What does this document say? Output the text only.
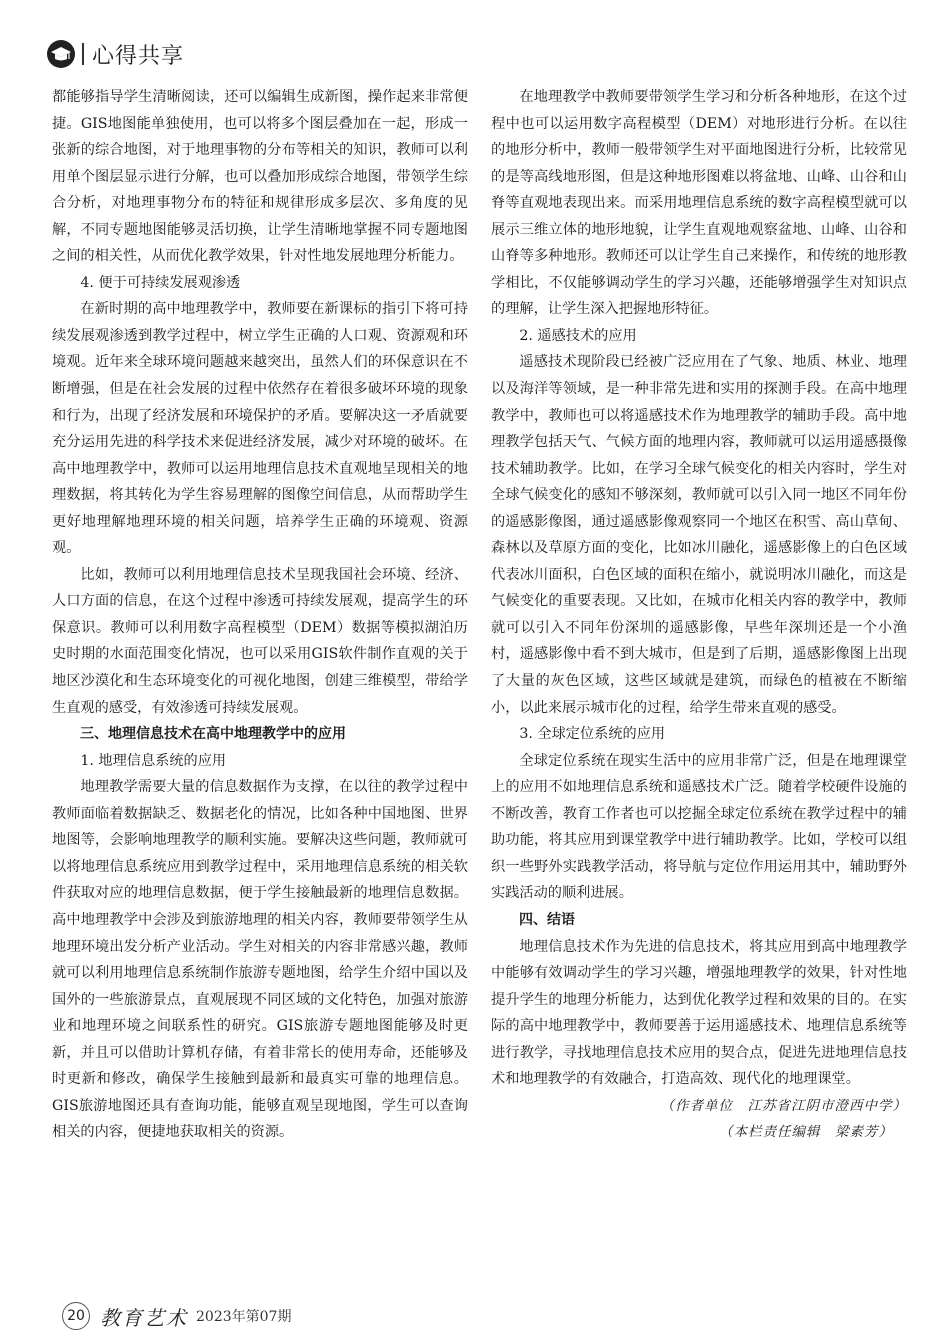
心得共享

都能够指导学生清晰阅读，还可以编辑生成新图，操作起来非常便捷。GIS地图能单独使用，也可以将多个图层叠加在一起，形成一张新的综合地图，对于地理事物的分布等相关的知识，教师可以利用单个图层显示进行分解，也可以叠加形成综合地图，带领学生综合分析，对地理事物分布的特征和规律形成多层次、多角度的见解，不同专题地图能够灵活切换，让学生清晰地掌握不同专题地图之间的相关性，从而优化教学效果，针对性地发展地理分析能力。

4. 便于可持续发展观渗透

在新时期的高中地理教学中，教师要在新课标的指引下将可持续发展观渗透到教学过程中，树立学生正确的人口观、资源观和环境观。近年来全球环境问题越来越突出，虽然人们的环保意识在不断增强，但是在社会发展的过程中依然存在着很多破坏环境的现象和行为，出现了经济发展和环境保护的矛盾。要解决这一矛盾就要充分运用先进的科学技术来促进经济发展，减少对环境的破坏。在高中地理教学中，教师可以运用地理信息技术直观地呈现相关的地理数据，将其转化为学生容易理解的图像空间信息，从而帮助学生更好地理解地理环境的相关问题，培养学生正确的环境观、资源观。

比如，教师可以利用地理信息技术呈现我国社会环境、经济、人口方面的信息，在这个过程中渗透可持续发展观，提高学生的环保意识。教师可以利用数字高程模型（DEM）数据等模拟湖泊历史时期的水面范围变化情况，也可以采用GIS软件制作直观的关于地区沙漠化和生态环境变化的可视化地图，创建三维模型，带给学生直观的感受，有效渗透可持续发展观。

三、地理信息技术在高中地理教学中的应用

1. 地理信息系统的应用

地理教学需要大量的信息数据作为支撑，在以往的教学过程中教师面临着数据缺乏、数据老化的情况，比如各种中国地图、世界地图等，会影响地理教学的顺利实施。要解决这些问题，教师就可以将地理信息系统应用到教学过程中，采用地理信息系统的相关软件获取对应的地理信息数据，便于学生接触最新的地理信息数据。高中地理教学中会涉及到旅游地理的相关内容，教师要带领学生从地理环境出发分析产业活动。学生对相关的内容非常感兴趣，教师就可以利用地理信息系统制作旅游专题地图，给学生介绍中国以及国外的一些旅游景点，直观展现不同区域的文化特色，加强对旅游业和地理环境之间联系性的研究。GIS旅游专题地图能够及时更新，并且可以借助计算机存储，有着非常长的使用寿命，还能够及时更新和修改，确保学生接触到最新和最真实可靠的地理信息。GIS旅游地图还具有查询功能，能够直观呈现地图，学生可以查询相关的内容，便捷地获取相关的资源。

在地理教学中教师要带领学生学习和分析各种地形，在这个过程中也可以运用数字高程模型（DEM）对地形进行分析。在以往的地形分析中，教师一般带领学生对平面地图进行分析，比较常见的是等高线地形图，但是这种地形图难以将盆地、山峰、山谷和山脊等直观地表现出来。而采用地理信息系统的数字高程模型就可以展示三维立体的地形地貌，让学生直观地观察盆地、山峰、山谷和山脊等多种地形。教师还可以让学生自己来操作，和传统的地形教学相比，不仅能够调动学生的学习兴趣，还能够增强学生对知识点的理解，让学生深入把握地形特征。

2. 遥感技术的应用

遥感技术现阶段已经被广泛应用在了气象、地质、林业、地理以及海洋等领域，是一种非常先进和实用的探测手段。在高中地理教学中，教师也可以将遥感技术作为地理教学的辅助手段。高中地理教学包括天气、气候方面的地理内容，教师就可以运用遥感摄像技术辅助教学。比如，在学习全球气候变化的相关内容时，学生对全球气候变化的感知不够深刻，教师就可以引入同一地区不同年份的遥感影像图，通过遥感影像观察同一个地区在积雪、高山草甸、森林以及草原方面的变化，比如冰川融化，遥感影像上的白色区域代表冰川面积，白色区域的面积在缩小，就说明冰川融化，而这是气候变化的重要表现。又比如，在城市化相关内容的教学中，教师就可以引入不同年份深圳的遥感影像，早些年深圳还是一个小渔村，遥感影像中看不到大城市，但是到了后期，遥感影像图上出现了大量的灰色区域，这些区域就是建筑，而绿色的植被在不断缩小，以此来展示城市化的过程，给学生带来直观的感受。

3. 全球定位系统的应用

全球定位系统在现实生活中的应用非常广泛，但是在地理课堂上的应用不如地理信息系统和遥感技术广泛。随着学校硬件设施的不断改善，教育工作者也可以挖掘全球定位系统在教学过程中的辅助功能，将其应用到课堂教学中进行辅助教学。比如，学校可以组织一些野外实践教学活动，将导航与定位作用运用其中，辅助野外实践活动的顺利进展。

四、结语

地理信息技术作为先进的信息技术，将其应用到高中地理教学中能够有效调动学生的学习兴趣，增强地理教学的效果，针对性地提升学生的地理分析能力，达到优化教学过程和效果的目的。在实际的高中地理教学中，教师要善于运用遥感技术、地理信息系统等进行教学，寻找地理信息技术应用的契合点，促进先进地理信息技术和地理教学的有效融合，打造高效、现代化的地理课堂。

（作者单位　江苏省江阴市澄西中学）

（本栏责任编辑　梁素芳）

20 教育艺术 2023年第07期
